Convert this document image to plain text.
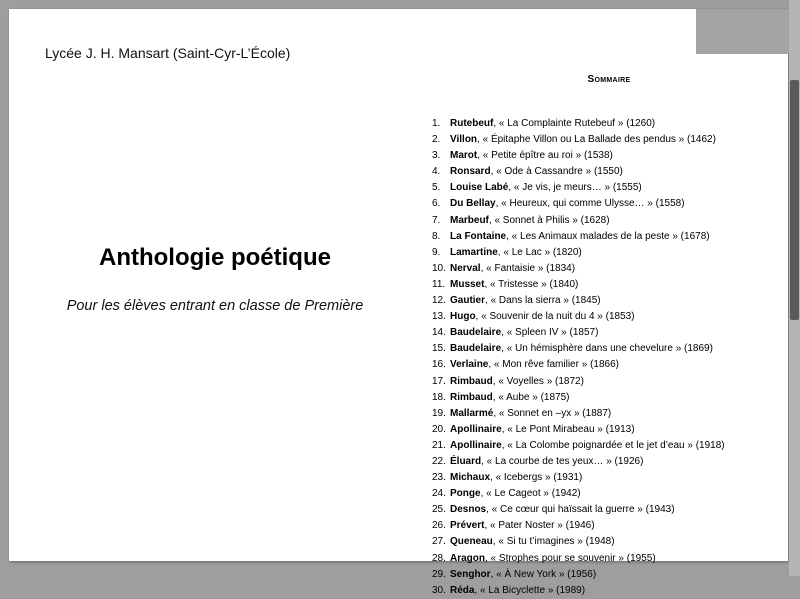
Lycée J. H. Mansart (Saint-Cyr-L’École)
Anthologie poétique
Pour les élèves entrant en classe de Première
Sommaire
1. Rutebeuf, « La Complainte Rutebeuf » (1260)
2. Villon, « Épitaphe Villon ou La Ballade des pendus » (1462)
3. Marot, « Petite épître au roi » (1538)
4. Ronsard, « Ode à Cassandre » (1550)
5. Louise Labé, « Je vis, je meurs… » (1555)
6. Du Bellay, « Heureux, qui comme Ulysse… » (1558)
7. Marbeuf, « Sonnet à Philis » (1628)
8. La Fontaine, « Les Animaux malades de la peste » (1678)
9. Lamartine, « Le Lac » (1820)
10. Nerval, « Fantaisie » (1834)
11. Musset, « Tristesse » (1840)
12. Gautier, « Dans la sierra » (1845)
13. Hugo, « Souvenir de la nuit du 4 » (1853)
14. Baudelaire, « Spleen IV » (1857)
15. Baudelaire, « Un hémisphère dans une chevelure » (1869)
16. Verlaine, « Mon rêve familier » (1866)
17. Rimbaud, « Voyelles » (1872)
18. Rimbaud, « Aube » (1875)
19. Mallarmé, « Sonnet en –yx » (1887)
20. Apollinaire, « Le Pont Mirabeau » (1913)
21. Apollinaire, « La Colombe poignardée et le jet d’eau » (1918)
22. Éluard, « La courbe de tes yeux… » (1926)
23. Michaux, « Icebergs » (1931)
24. Ponge, « Le Cageot » (1942)
25. Desnos, « Ce cœur qui haïssait la guerre » (1943)
26. Prévert, « Pater Noster » (1946)
27. Queneau, « Si tu t’imagines » (1948)
28. Aragon, « Strophes pour se souvenir » (1955)
29. Senghor, « À New York » (1956)
30. Réda, « La Bicyclette » (1989)
